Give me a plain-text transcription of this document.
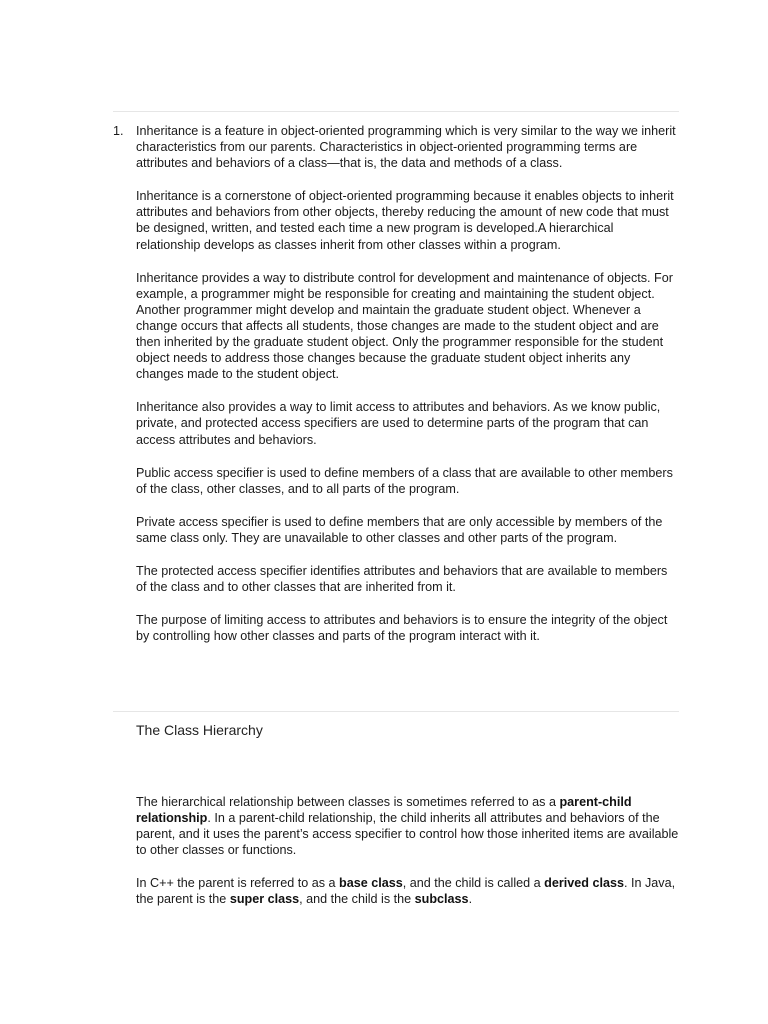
1. Inheritance is a feature in object-oriented programming which is very similar to the way we inherit characteristics from our parents. Characteristics in object-oriented programming terms are attributes and behaviors of a class—that is, the data and methods of a class.

Inheritance is a cornerstone of object-oriented programming because it enables objects to inherit attributes and behaviors from other objects, thereby reducing the amount of new code that must be designed, written, and tested each time a new program is developed.A hierarchical relationship develops as classes inherit from other classes within a program.

Inheritance provides a way to distribute control for development and maintenance of objects. For example, a programmer might be responsible for creating and maintaining the student object. Another programmer might develop and maintain the graduate student object. Whenever a change occurs that affects all students, those changes are made to the student object and are then inherited by the graduate student object. Only the programmer responsible for the student object needs to address those changes because the graduate student object inherits any changes made to the student object.

Inheritance also provides a way to limit access to attributes and behaviors. As we know public, private, and protected access specifiers are used to determine parts of the program that can access attributes and behaviors.

Public access specifier is used to define members of a class that are available to other members of the class, other classes, and to all parts of the program.

Private access specifier is used to define members that are only accessible by members of the same class only. They are unavailable to other classes and other parts of the program.

The protected access specifier identifies attributes and behaviors that are available to members of the class and to other classes that are inherited from it.

The purpose of limiting access to attributes and behaviors is to ensure the integrity of the object by controlling how other classes and parts of the program interact with it.

The Class Hierarchy

The hierarchical relationship between classes is sometimes referred to as a parent-child relationship. In a parent-child relationship, the child inherits all attributes and behaviors of the parent, and it uses the parent’s access specifier to control how those inherited items are available to other classes or functions.

In C++ the parent is referred to as a base class, and the child is called a derived class. In Java, the parent is the super class, and the child is the subclass.
